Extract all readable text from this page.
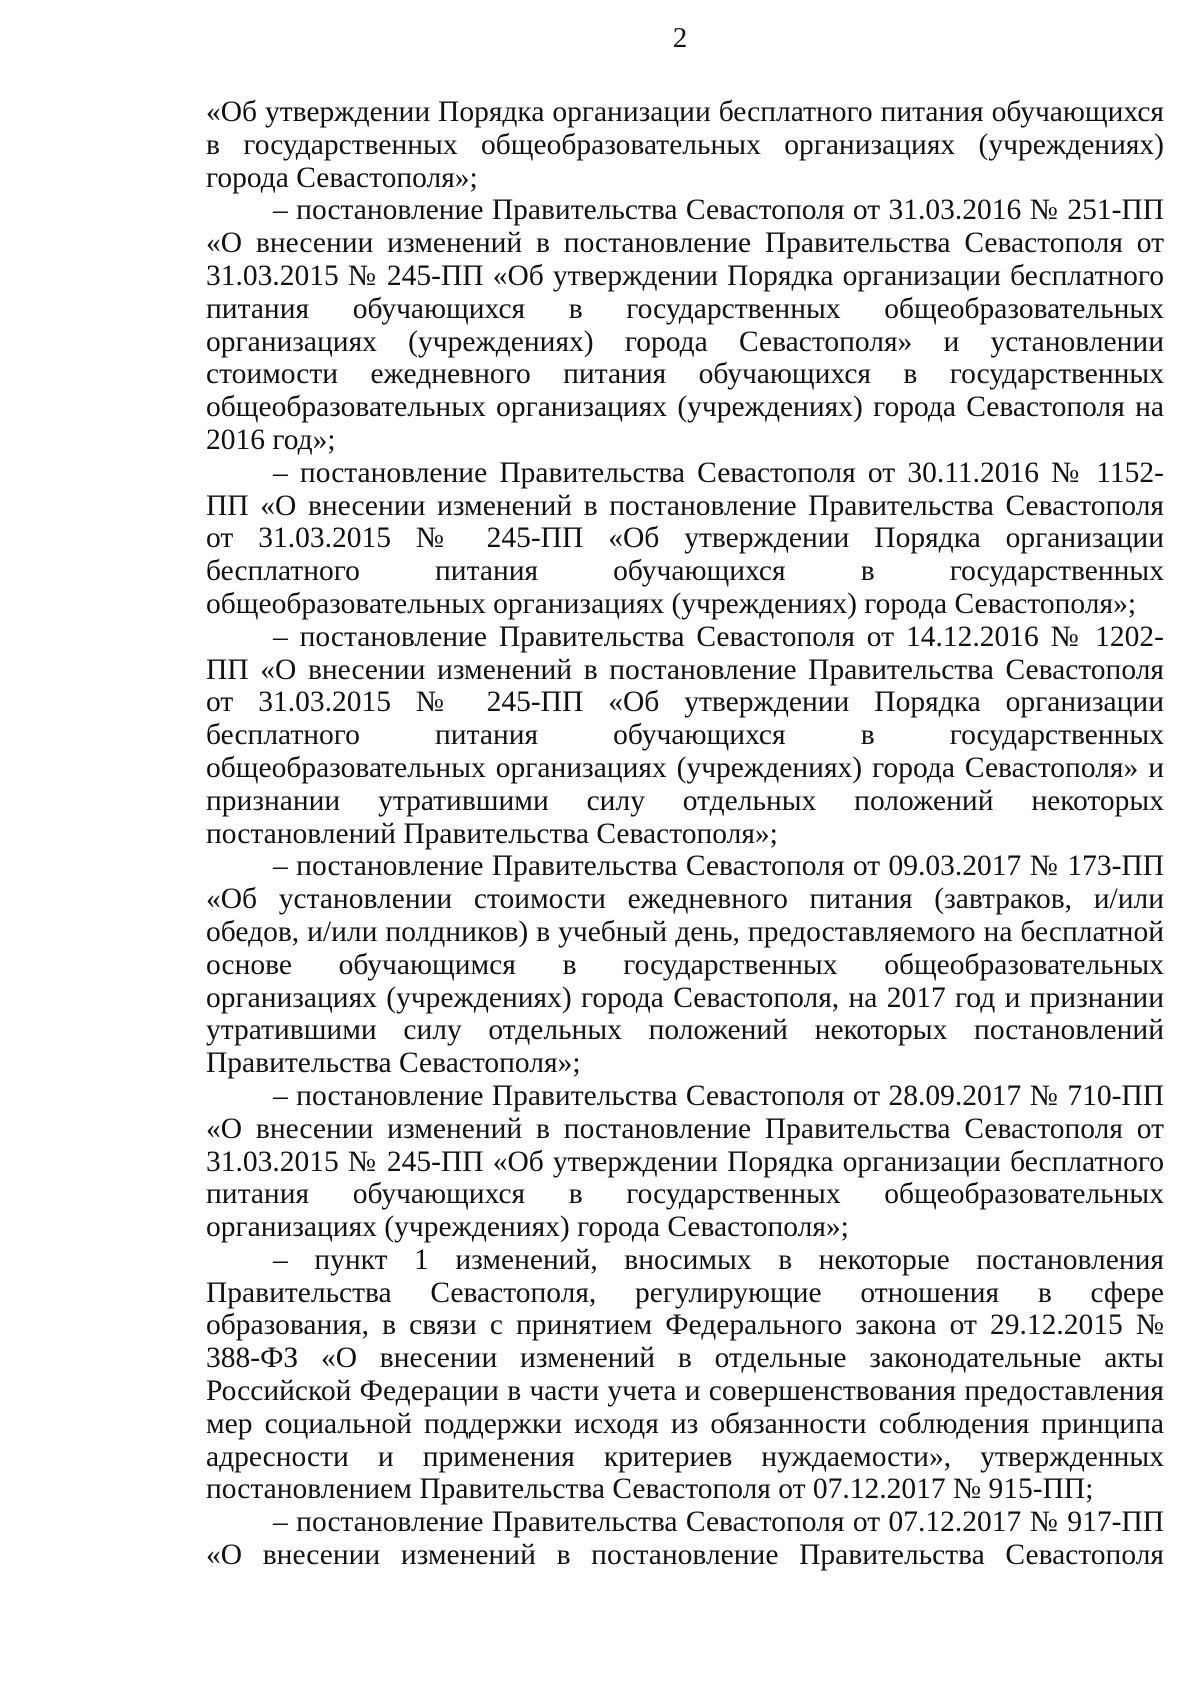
2

«Об утверждении Порядка организации бесплатного питания обучающихся в государственных общеобразовательных организациях (учреждениях) города Севастополя»;

– постановление Правительства Севастополя от 31.03.2016 № 251-ПП «О внесении изменений в постановление Правительства Севастополя от 31.03.2015 № 245-ПП «Об утверждении Порядка организации бесплатного питания обучающихся в государственных общеобразовательных организациях (учреждениях) города Севастополя» и установлении стоимости ежедневного питания обучающихся в государственных общеобразовательных организациях (учреждениях) города Севастополя на 2016 год»;

– постановление Правительства Севастополя от 30.11.2016 № 1152-ПП «О внесении изменений в постановление Правительства Севастополя от 31.03.2015 № 245-ПП «Об утверждении Порядка организации бесплатного питания обучающихся в государственных общеобразовательных организациях (учреждениях) города Севастополя»;

– постановление Правительства Севастополя от 14.12.2016 № 1202-ПП «О внесении изменений в постановление Правительства Севастополя от 31.03.2015 № 245-ПП «Об утверждении Порядка организации бесплатного питания обучающихся в государственных общеобразовательных организациях (учреждениях) города Севастополя» и признании утратившими силу отдельных положений некоторых постановлений Правительства Севастополя»;

– постановление Правительства Севастополя от 09.03.2017 № 173-ПП «Об установлении стоимости ежедневного питания (завтраков, и/или обедов, и/или полдников) в учебный день, предоставляемого на бесплатной основе обучающимся в государственных общеобразовательных организациях (учреждениях) города Севастополя, на 2017 год и признании утратившими силу отдельных положений некоторых постановлений Правительства Севастополя»;

– постановление Правительства Севастополя от 28.09.2017 № 710-ПП «О внесении изменений в постановление Правительства Севастополя от 31.03.2015 № 245-ПП «Об утверждении Порядка организации бесплатного питания обучающихся в государственных общеобразовательных организациях (учреждениях) города Севастополя»;

– пункт 1 изменений, вносимых в некоторые постановления Правительства Севастополя, регулирующие отношения в сфере образования, в связи с принятием Федерального закона от 29.12.2015 № 388-ФЗ «О внесении изменений в отдельные законодательные акты Российской Федерации в части учета и совершенствования предоставления мер социальной поддержки исходя из обязанности соблюдения принципа адресности и применения критериев нуждаемости», утвержденных постановлением Правительства Севастополя от 07.12.2017 № 915-ПП;

– постановление Правительства Севастополя от 07.12.2017 № 917-ПП «О внесении изменений в постановление Правительства Севастополя
